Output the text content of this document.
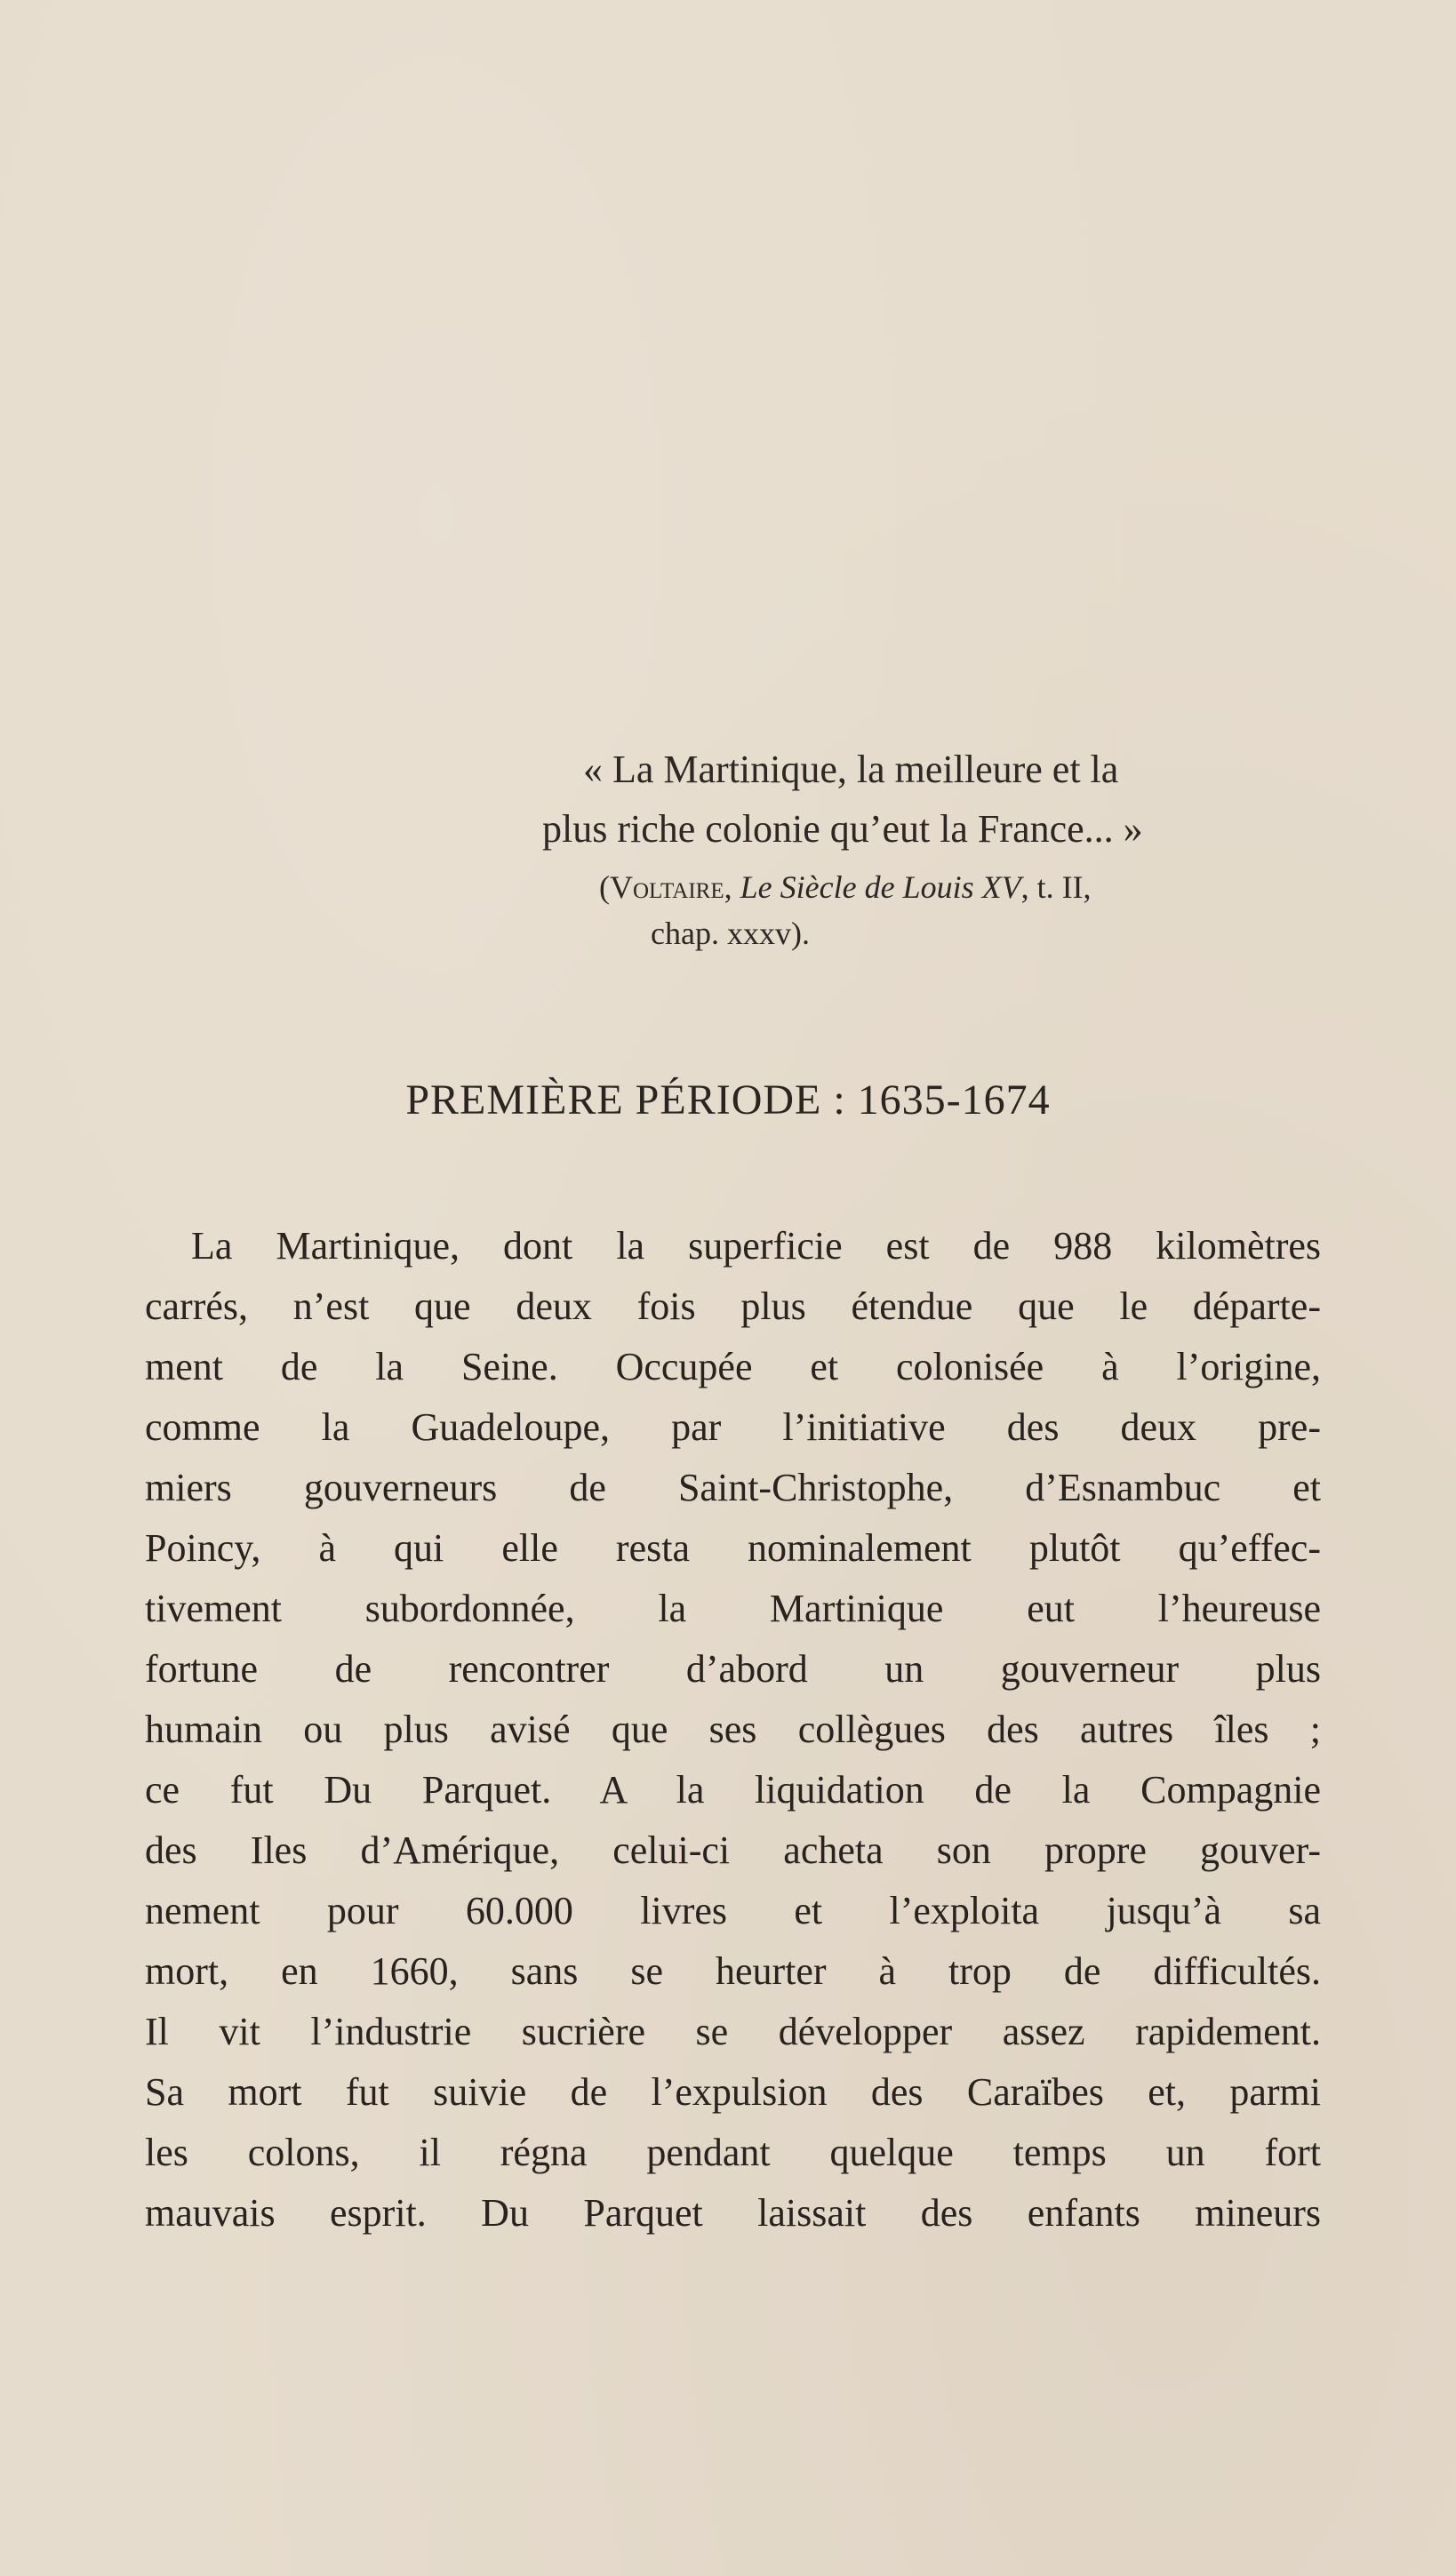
« La Martinique, la meilleure et la
plus riche colonie qu’eut la France... »
(Voltaire, Le Siècle de Louis XV, t. II,
chap. xxxv).
PREMIÈRE PÉRIODE : 1635-1674
La Martinique, dont la superficie est de 988 kilomètres
carrés, n’est que deux fois plus étendue que le départe-
ment de la Seine. Occupée et colonisée à l’origine,
comme la Guadeloupe, par l’initiative des deux pre-
miers gouverneurs de Saint-Christophe, d’Esnambuc et
Poincy, à qui elle resta nominalement plutôt qu’effec-
tivement subordonnée, la Martinique eut l’heureuse
fortune de rencontrer d’abord un gouverneur plus
humain ou plus avisé que ses collègues des autres îles ;
ce fut Du Parquet. A la liquidation de la Compagnie
des Iles d’Amérique, celui-ci acheta son propre gouver-
nement pour 60.000 livres et l’exploita jusqu’à sa
mort, en 1660, sans se heurter à trop de difficultés.
Il vit l’industrie sucrière se développer assez rapidement.
Sa mort fut suivie de l’expulsion des Caraïbes et, parmi
les colons, il régna pendant quelque temps un fort
mauvais esprit. Du Parquet laissait des enfants mineurs
